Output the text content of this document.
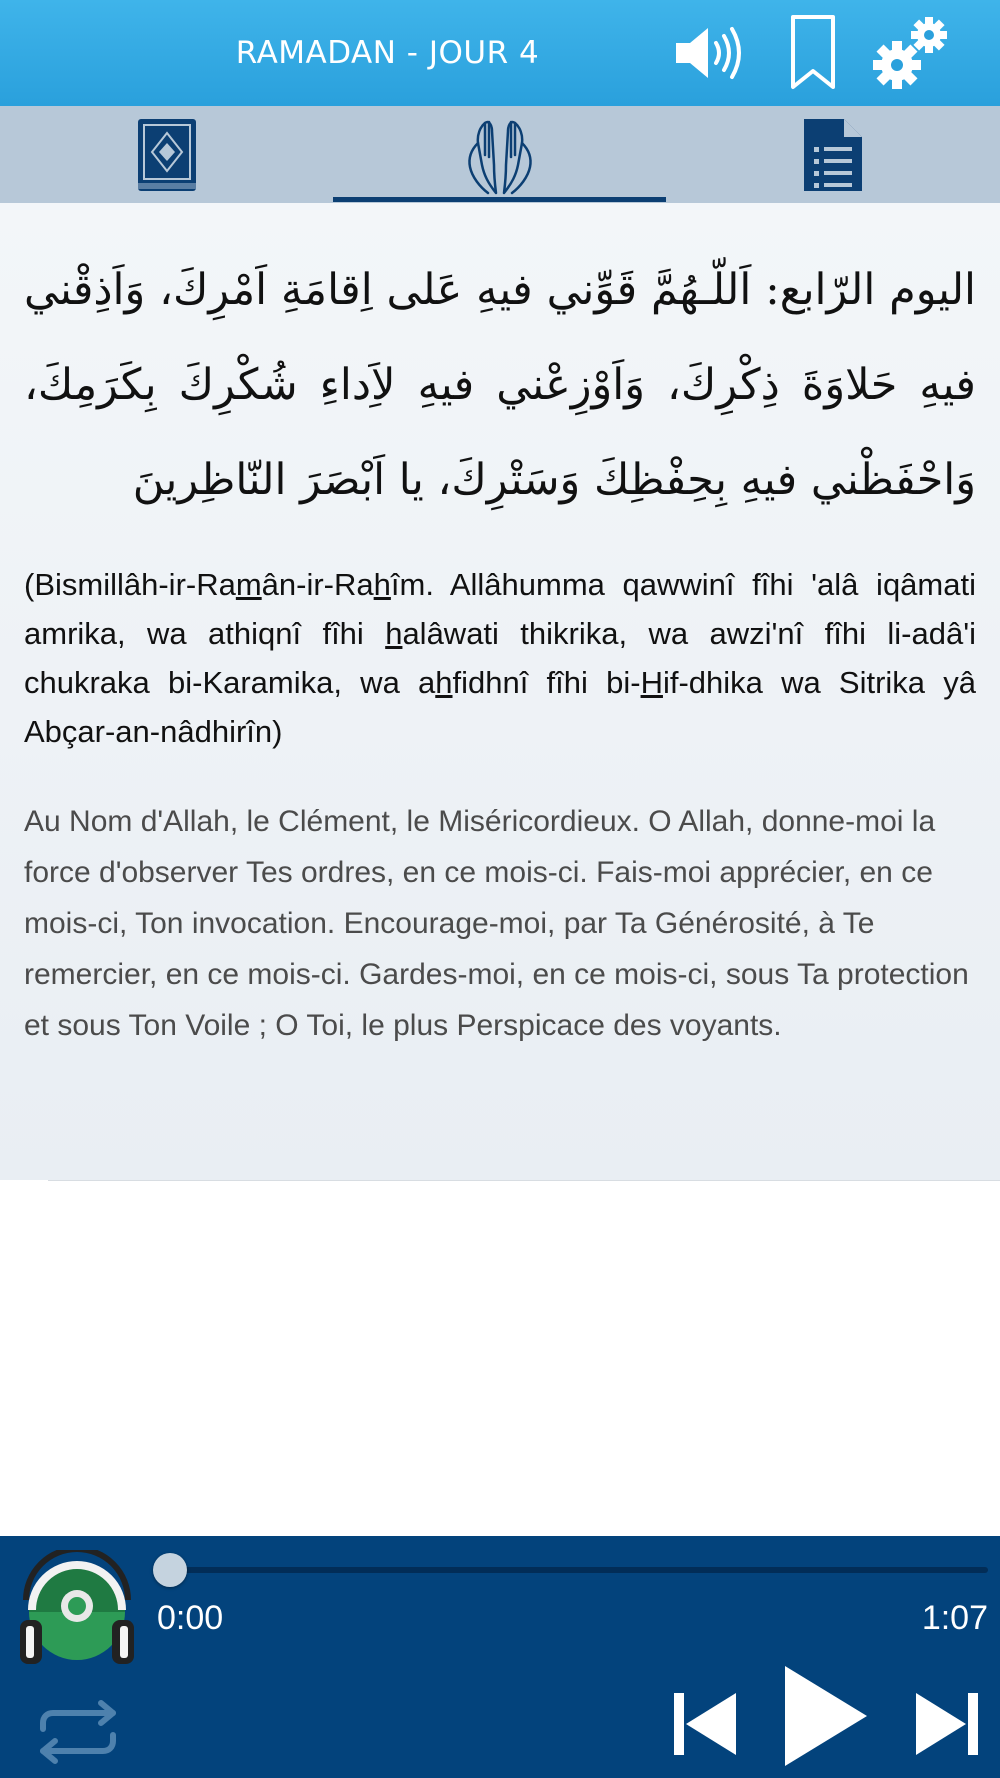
RAMADAN - JOUR 4
اليوم الرّابع: اَللّـهُمَّ قَوِّني فيهِ عَلى اِقامَةِ اَمْرِكَ، وَاَذِقْني فيهِ حَلاوَةَ ذِكْرِكَ، وَاَوْزِعْني فيهِ لاَِداءِ شُكْرِكَ بِكَرَمِكَ، وَاحْفَظْني فيهِ بِحِفْظِكَ وَسَتْرِكَ، يا اَبْصَرَ النّاظِرينَ
(Bismillâh-ir-Ramân-ir-Rahîm. Allâhumma qawwinî fîhi 'alâ iqâmati amrika, wa athiqnî fîhi halâwati thikrika, wa awzi'nî fîhi li-adâ'i chukraka bi-Karamika, wa ahfidhnî fîhi bi-Hif-dhika wa Sitrika yâ Abçar-an-nâdhirîn)
Au Nom d'Allah, le Clément, le Miséricordieux. O Allah, donne-moi la force d'observer Tes ordres, en ce mois-ci. Fais-moi apprécier, en ce mois-ci, Ton invocation. Encourage-moi, par Ta Générosité, à Te remercier, en ce mois-ci. Gardes-moi, en ce mois-ci, sous Ta protection et sous Ton Voile ; O Toi, le plus Perspicace des voyants.
0:00	1:07
